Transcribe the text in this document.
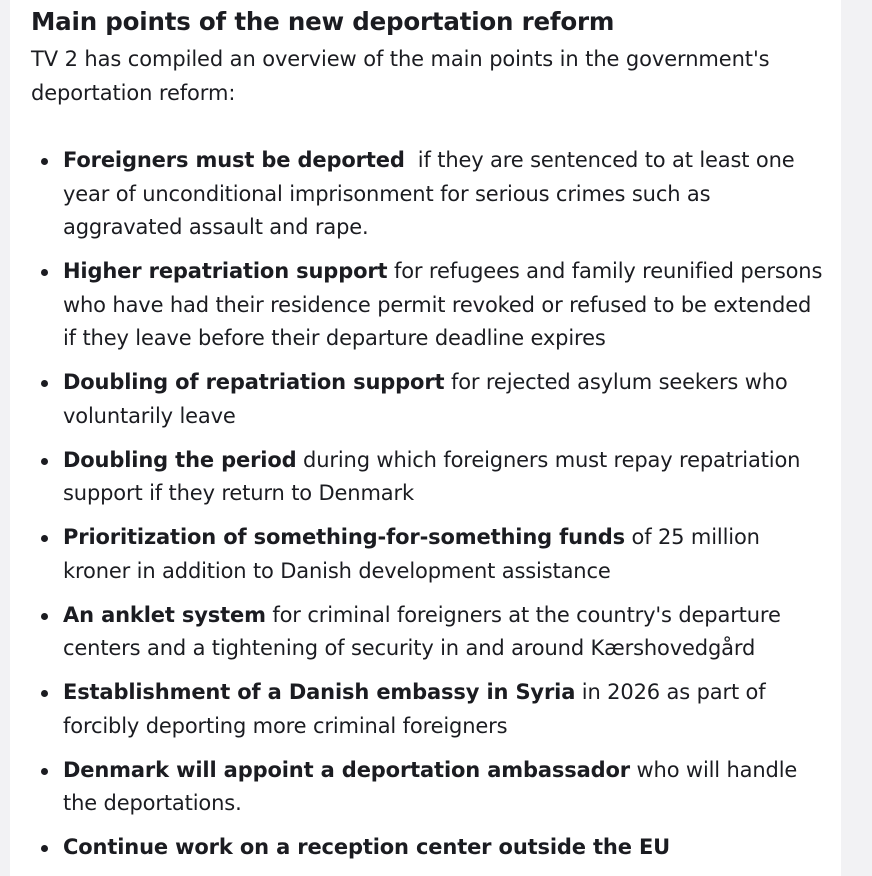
Main points of the new deportation reform

TV 2 has compiled an overview of the main points in the government's deportation reform:

Foreigners must be deported  if they are sentenced to at least one year of unconditional imprisonment for serious crimes such as aggravated assault and rape.
Higher repatriation support for refugees and family reunified persons who have had their residence permit revoked or refused to be extended if they leave before their departure deadline expires
Doubling of repatriation support for rejected asylum seekers who voluntarily leave
Doubling the period during which foreigners must repay repatriation support if they return to Denmark
Prioritization of something-for-something funds of 25 million kroner in addition to Danish development assistance
An anklet system for criminal foreigners at the country's departure centers and a tightening of security in and around Kærshovedgård
Establishment of a Danish embassy in Syria in 2026 as part of forcibly deporting more criminal foreigners
Denmark will appoint a deportation ambassador who will handle the deportations.
Continue work on a reception center outside the EU
